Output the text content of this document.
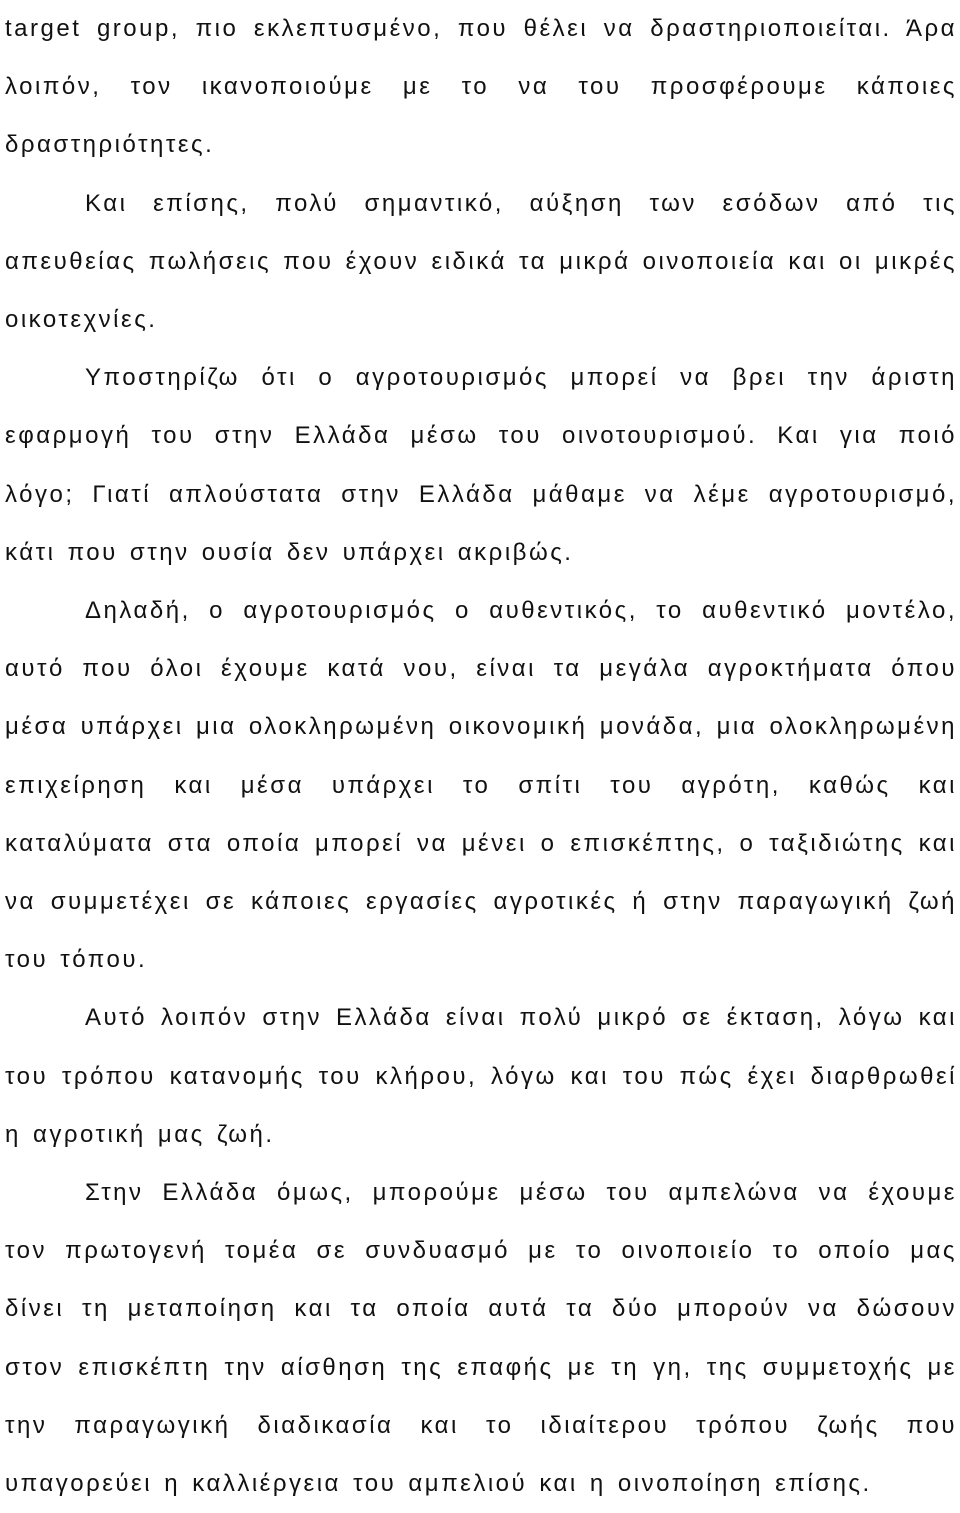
target group, πιο εκλεπτυσμένο, που θέλει να δραστηριοποιείται. Άρα λοιπόν, τον ικανοποιούμε με το να του προσφέρουμε κάποιες δραστηριότητες.
Και επίσης, πολύ σημαντικό, αύξηση των εσόδων από τις απευθείας πωλήσεις που έχουν ειδικά τα μικρά οινοποιεία και οι μικρές οικοτεχνίες.
Υποστηρίζω ότι ο αγροτουρισμός μπορεί να βρει την άριστη εφαρμογή του στην Ελλάδα μέσω του οινοτουρισμού. Και για ποιό λόγο; Γιατί απλούστατα στην Ελλάδα μάθαμε να λέμε αγροτουρισμό, κάτι που στην ουσία δεν υπάρχει ακριβώς.
Δηλαδή, ο αγροτουρισμός ο αυθεντικός, το αυθεντικό μοντέλο, αυτό που όλοι έχουμε κατά νου, είναι τα μεγάλα αγροκτήματα όπου μέσα υπάρχει μια ολοκληρωμένη οικονομική μονάδα, μια ολοκληρωμένη επιχείρηση και μέσα υπάρχει το σπίτι του αγρότη, καθώς και καταλύματα στα οποία μπορεί να μένει ο επισκέπτης, ο ταξιδιώτης και να συμμετέχει σε κάποιες εργασίες αγροτικές ή στην παραγωγική ζωή του τόπου.
Αυτό λοιπόν στην Ελλάδα είναι πολύ μικρό σε έκταση, λόγω και του τρόπου κατανομής του κλήρου, λόγω και του πώς έχει διαρθρωθεί η αγροτική μας ζωή.
Στην Ελλάδα όμως, μπορούμε μέσω του αμπελώνα να έχουμε τον πρωτογενή τομέα σε συνδυασμό με το οινοποιείο το οποίο μας δίνει τη μεταποίηση και τα οποία αυτά τα δύο μπορούν να δώσουν στον επισκέπτη την αίσθηση της επαφής με τη γη, της συμμετοχής με την παραγωγική διαδικασία και το ιδιαίτερου τρόπου ζωής που υπαγορεύει η καλλιέργεια του αμπελιού και η οινοποίηση επίσης.
